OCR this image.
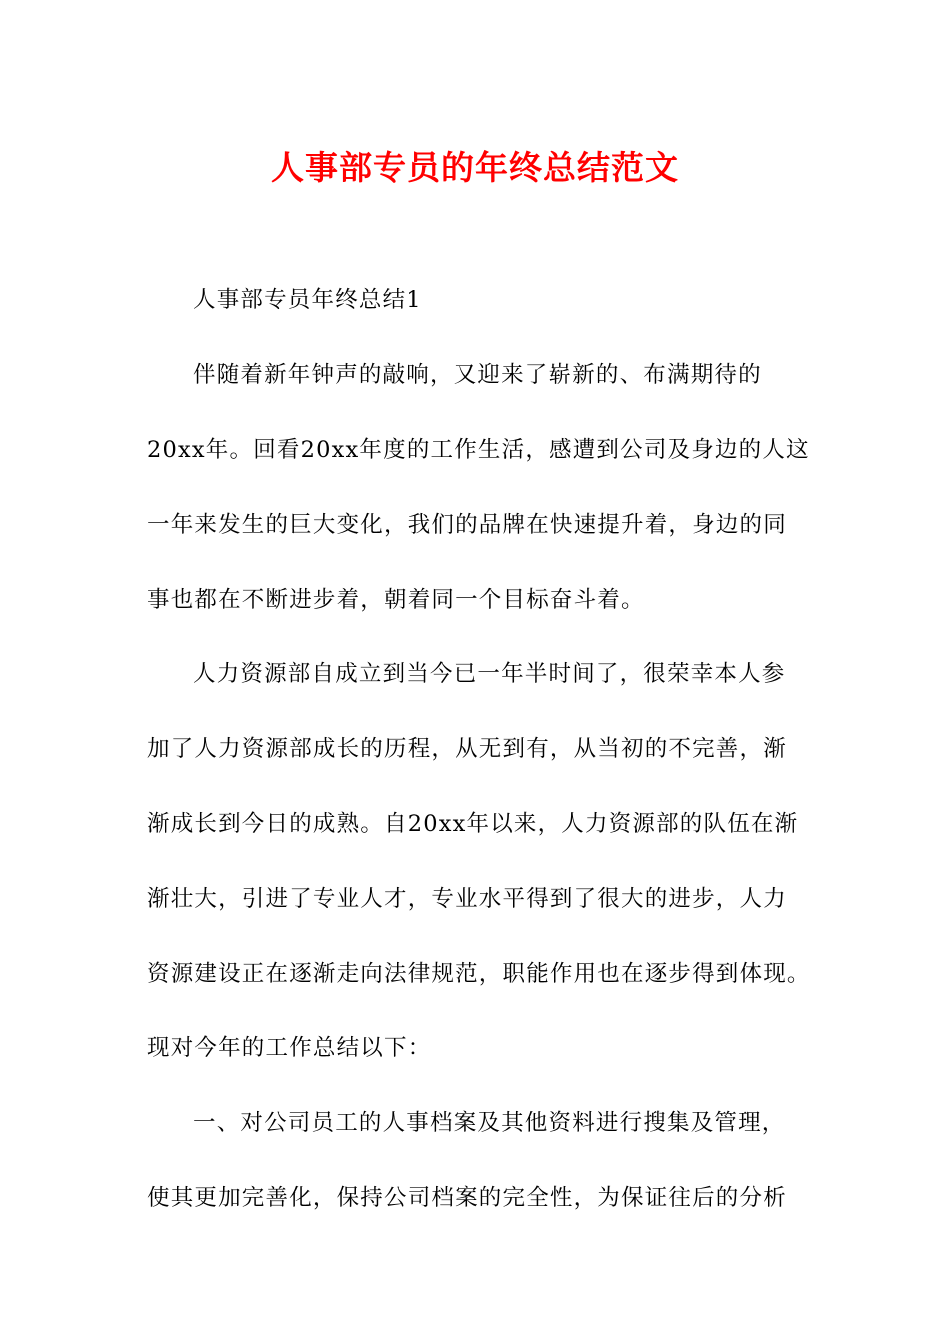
人事部专员的年终总结范文

人事部专员年终总结1

伴随着新年钟声的敲响，又迎来了崭新的、布满期待的

20xx年。回看20xx年度的工作生活，感遭到公司及身边的人这

一年来发生的巨大变化，我们的品牌在快速提升着，身边的同

事也都在不断进步着，朝着同一个目标奋斗着。

人力资源部自成立到当今已一年半时间了，很荣幸本人参

加了人力资源部成长的历程，从无到有，从当初的不完善，渐

渐成长到今日的成熟。自20xx年以来，人力资源部的队伍在渐

渐壮大，引进了专业人才，专业水平得到了很大的进步，人力

资源建设正在逐渐走向法律规范，职能作用也在逐步得到体现。

现对今年的工作总结以下：

一、对公司员工的人事档案及其他资料进行搜集及管理，

使其更加完善化，保持公司档案的完全性，为保证往后的分析
